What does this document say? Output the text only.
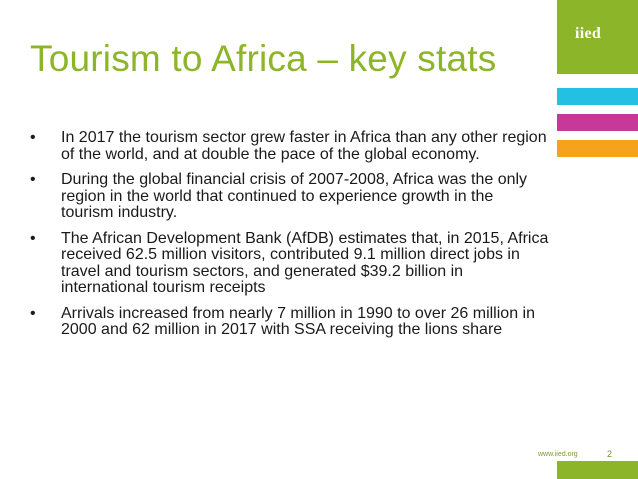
Tourism to Africa – key stats
• In 2017 the tourism sector grew faster in Africa than any other region of the world, and at double the pace of the global economy.
• During the global financial crisis of 2007-2008, Africa was the only region in the world that continued to experience growth in the tourism industry.
• The African Development Bank (AfDB) estimates that, in 2015, Africa received 62.5 million visitors, contributed 9.1 million direct jobs in travel and tourism sectors, and generated $39.2 billion in international tourism receipts
• Arrivals increased from nearly 7 million in 1990 to over 26 million in 2000 and 62 million in 2017 with SSA receiving the lions share
iied
www.iied.org	2
